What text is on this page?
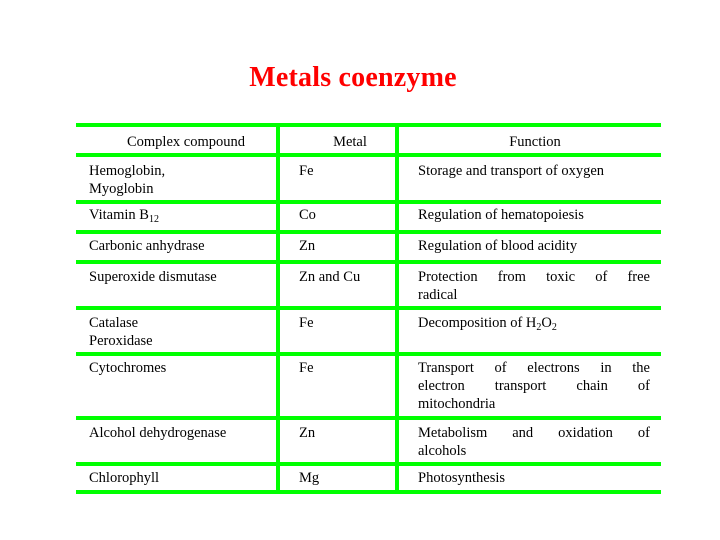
Metals coenzyme
Complex compound	Metal	Function
Hemoglobin,
Myoglobin
Fe	Storage and transport of oxygen
Vitamin $B_{12}$	Co	Regulation of hematopoiesis
Carbonic anhydrase	Zn	Regulation of blood acidity
Superoxide dismutase	Zn and Cu	Protection from toxic of free
radical
Catalase
Peroxidase
Fe	Decomposition of $H_2O_2$
Cytochromes	Fe	Transport of electrons in the
electron transport chain of
mitochondria
Alcohol dehydrogenase	Zn	Metabolism and oxidation of
alcohols
Chlorophyll	Mg	Photosynthesis
